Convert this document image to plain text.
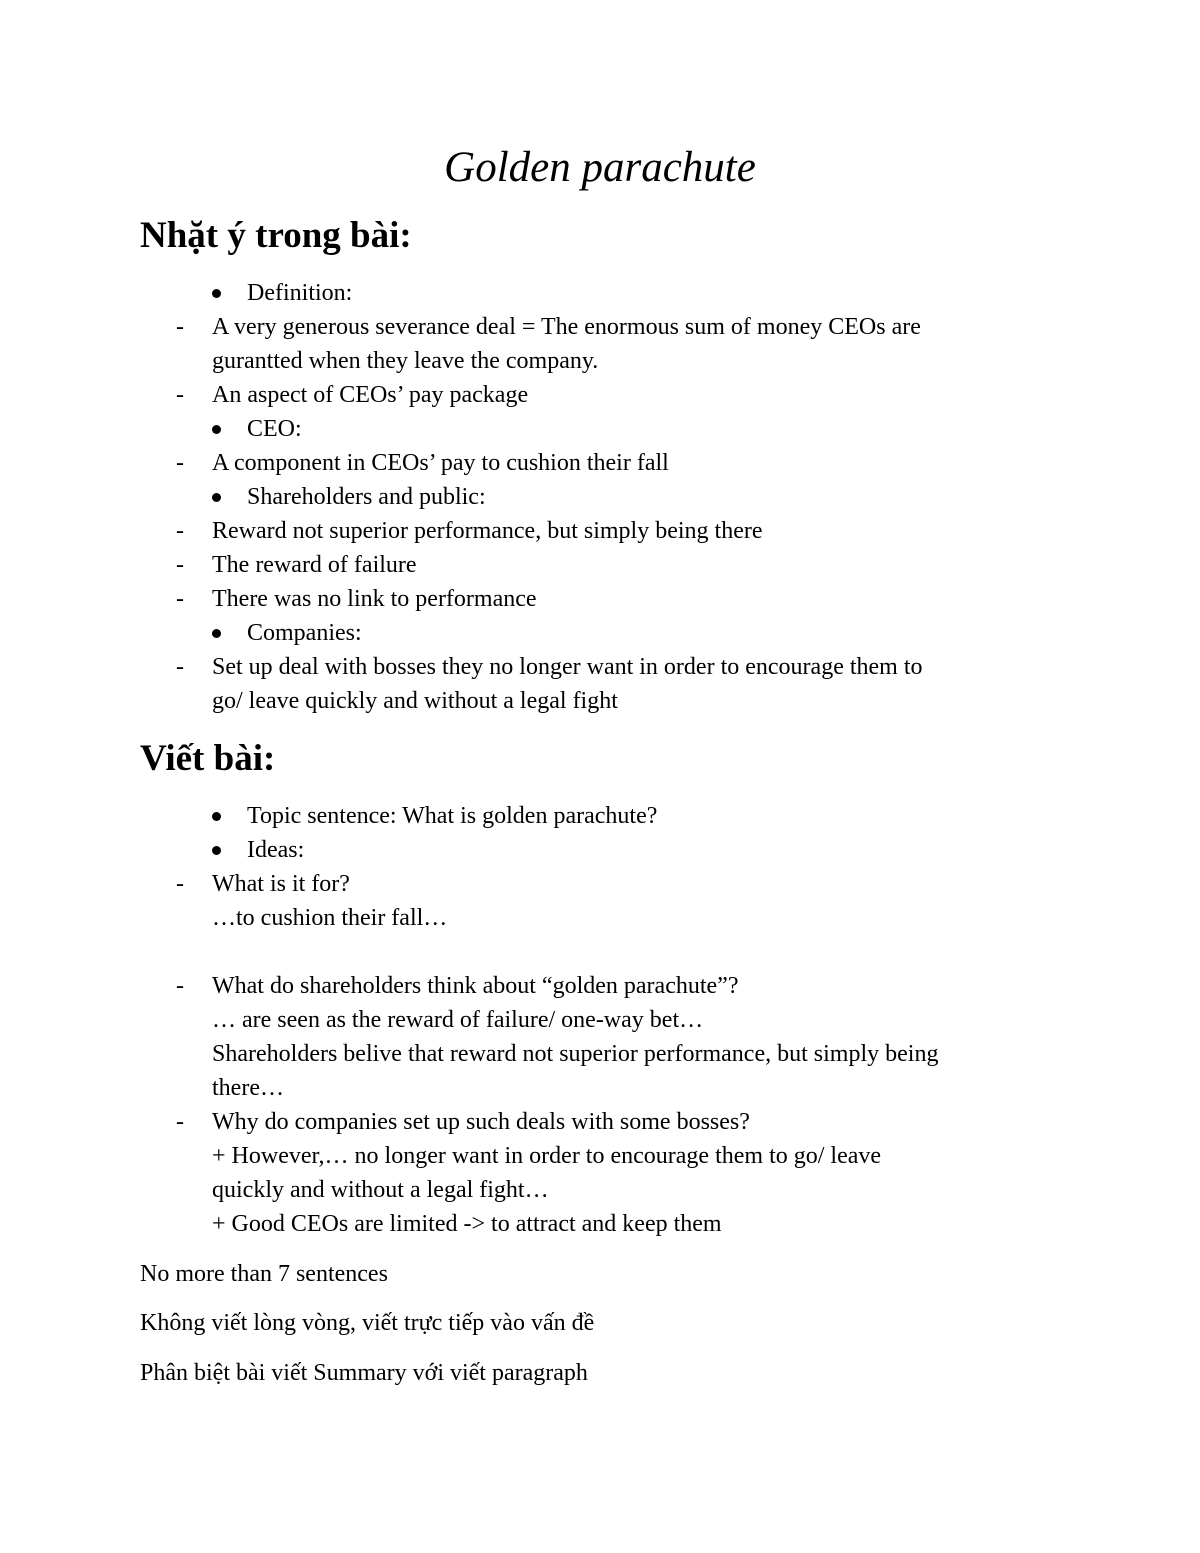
Golden parachute
Nhặt ý trong bài:
Definition:
- A very generous severance deal = The enormous sum of money CEOs are
gurantted when they leave the company.
- An aspect of CEOs’ pay package
CEO:
- A component in CEOs’ pay to cushion their fall
Shareholders and public:
- Reward not superior performance, but simply being there
- The reward of failure
- There was no link to performance
Companies:
- Set up deal with bosses they no longer want in order to encourage them to
go/ leave quickly and without a legal fight
Viết bài:
Topic sentence: What is golden parachute?
Ideas:
- What is it for?
…to cushion their fall…
- What do shareholders think about “golden parachute”?
… are seen as the reward of failure/ one-way bet…
Shareholders belive that reward not superior performance, but simply being
there…
- Why do companies set up such deals with some bosses?
+ However,… no longer want in order to encourage them to go/ leave
quickly and without a legal fight…
+ Good CEOs are limited -> to attract and keep them
No more than 7 sentences
Không viết lòng vòng, viết trực tiếp vào vấn đề
Phân biệt bài viết Summary với viết paragraph
